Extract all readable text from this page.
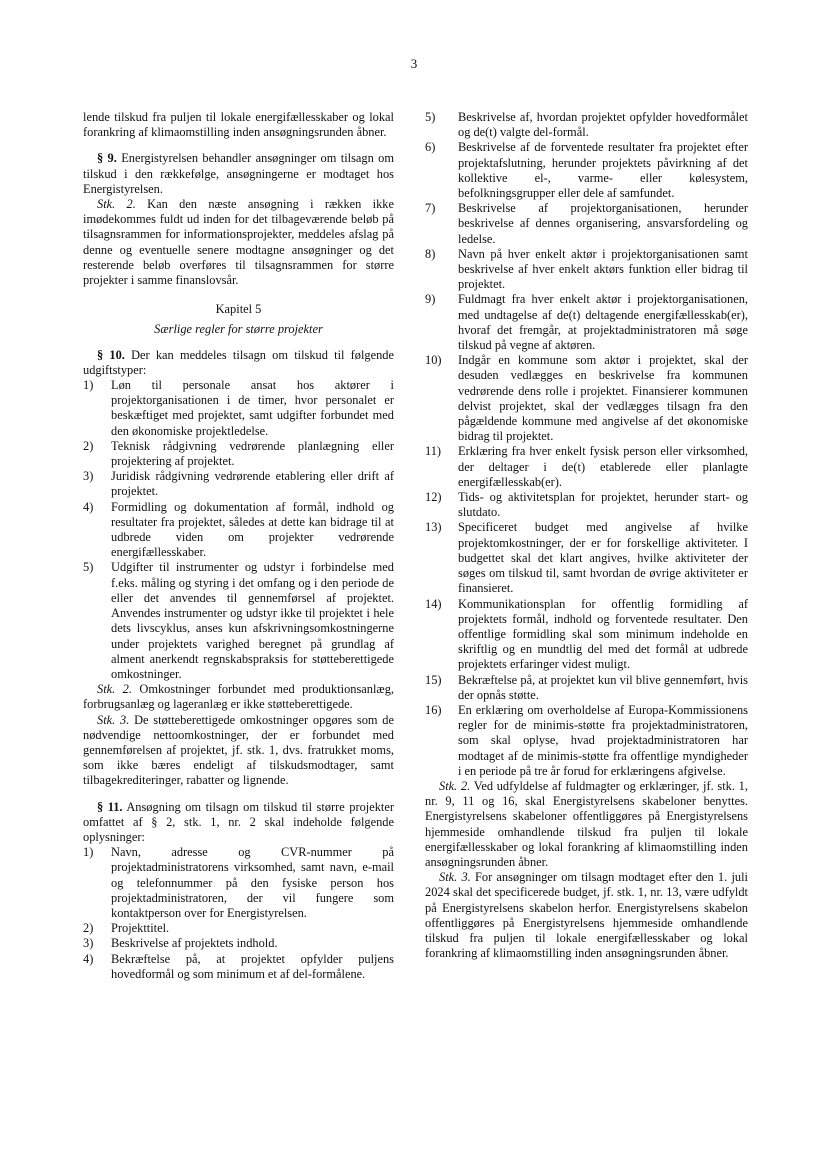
3

lende tilskud fra puljen til lokale energifællesskaber og lokal forankring af klimaomstilling inden ansøgningsrunden åbner.

§ 9. Energistyrelsen behandler ansøgninger om tilsagn om tilskud i den rækkefølge, ansøgningerne er modtaget hos Energistyrelsen.

Stk. 2. Kan den næste ansøgning i rækken ikke imødekommes fuldt ud inden for det tilbageværende beløb på tilsagnsrammen for informationsprojekter, meddeles afslag på denne og eventuelle senere modtagne ansøgninger og det resterende beløb overføres til tilsagnsrammen for større projekter i samme finanslovsår.

Kapitel 5

Særlige regler for større projekter

§ 10. Der kan meddeles tilsagn om tilskud til følgende udgiftstyper:

1)	Løn til personale ansat hos aktører i projektorganisationen i de timer, hvor personalet er beskæftiget med projektet, samt udgifter forbundet med den økonomiske projektledelse.
2)	Teknisk rådgivning vedrørende planlægning eller projektering af projektet.
3)	Juridisk rådgivning vedrørende etablering eller drift af projektet.
4)	Formidling og dokumentation af formål, indhold og resultater fra projektet, således at dette kan bidrage til at udbrede viden om projekter vedrørende energifællesskaber.
5)	Udgifter til instrumenter og udstyr i forbindelse med f.eks. måling og styring i det omfang og i den periode de eller det anvendes til gennemførsel af projektet. Anvendes instrumenter og udstyr ikke til projektet i hele dets livscyklus, anses kun afskrivningsomkostningerne under projektets varighed beregnet på grundlag af alment anerkendt regnskabspraksis for støtteberettigede omkostninger.

Stk. 2. Omkostninger forbundet med produktionsanlæg, forbrugsanlæg og lageranlæg er ikke støtteberettigede.

Stk. 3. De støtteberettigede omkostninger opgøres som de nødvendige nettoomkostninger, der er forbundet med gennemførelsen af projektet, jf. stk. 1, dvs. fratrukket moms, som ikke bæres endeligt af tilskudsmodtager, samt tilbagekrediteringer, rabatter og lignende.

§ 11. Ansøgning om tilsagn om tilskud til større projekter omfattet af § 2, stk. 1, nr. 2 skal indeholde følgende oplysninger:

1)	Navn, adresse og CVR-nummer på projektadministratorens virksomhed, samt navn, e-mail og telefonnummer på den fysiske person hos projektadministratoren, der vil fungere som kontaktperson over for Energistyrelsen.
2)	Projekttitel.
3)	Beskrivelse af projektets indhold.
4)	Bekræftelse på, at projektet opfylder puljens hovedformål og som minimum et af del-formålene.
5)	Beskrivelse af, hvordan projektet opfylder hovedformålet og de(t) valgte del-formål.
6)	Beskrivelse af de forventede resultater fra projektet efter projektafslutning, herunder projektets påvirkning af det kollektive el-, varme- eller kølesystem, befolkningsgrupper eller dele af samfundet.
7)	Beskrivelse af projektorganisationen, herunder beskrivelse af dennes organisering, ansvarsfordeling og ledelse.
8)	Navn på hver enkelt aktør i projektorganisationen samt beskrivelse af hver enkelt aktørs funktion eller bidrag til projektet.
9)	Fuldmagt fra hver enkelt aktør i projektorganisationen, med undtagelse af de(t) deltagende energifællesskab(er), hvoraf det fremgår, at projektadministratoren må søge tilskud på vegne af aktøren.
10)	Indgår en kommune som aktør i projektet, skal der desuden vedlægges en beskrivelse fra kommunen vedrørende dens rolle i projektet. Finansierer kommunen delvist projektet, skal der vedlægges tilsagn fra den pågældende kommune med angivelse af det økonomiske bidrag til projektet.
11)	Erklæring fra hver enkelt fysisk person eller virksomhed, der deltager i de(t) etablerede eller planlagte energifællesskab(er).
12)	Tids- og aktivitetsplan for projektet, herunder start- og slutdato.
13)	Specificeret budget med angivelse af hvilke projektomkostninger, der er for forskellige aktiviteter. I budgettet skal det klart angives, hvilke aktiviteter der søges om tilskud til, samt hvordan de øvrige aktiviteter er finansieret.
14)	Kommunikationsplan for offentlig formidling af projektets formål, indhold og forventede resultater. Den offentlige formidling skal som minimum indeholde en skriftlig og en mundtlig del med det formål at udbrede projektets erfaringer videst muligt.
15)	Bekræftelse på, at projektet kun vil blive gennemført, hvis der opnås støtte.
16)	En erklæring om overholdelse af Europa-Kommissionens regler for de minimis-støtte fra projektadministratoren, som skal oplyse, hvad projektadministratoren har modtaget af de minimis-støtte fra offentlige myndigheder i en periode på tre år forud for erklæringens afgivelse.

Stk. 2. Ved udfyldelse af fuldmagter og erklæringer, jf. stk. 1, nr. 9, 11 og 16, skal Energistyrelsens skabeloner benyttes. Energistyrelsens skabeloner offentliggøres på Energistyrelsens hjemmeside omhandlende tilskud fra puljen til lokale energifællesskaber og lokal forankring af klimaomstilling inden ansøgningsrunden åbner.

Stk. 3. For ansøgninger om tilsagn modtaget efter den 1. juli 2024 skal det specificerede budget, jf. stk. 1, nr. 13, være udfyldt på Energistyrelsens skabelon herfor. Energistyrelsens skabelon offentliggøres på Energistyrelsens hjemmeside omhandlende tilskud fra puljen til lokale energifællesskaber og lokal forankring af klimaomstilling inden ansøgningsrunden åbner.
